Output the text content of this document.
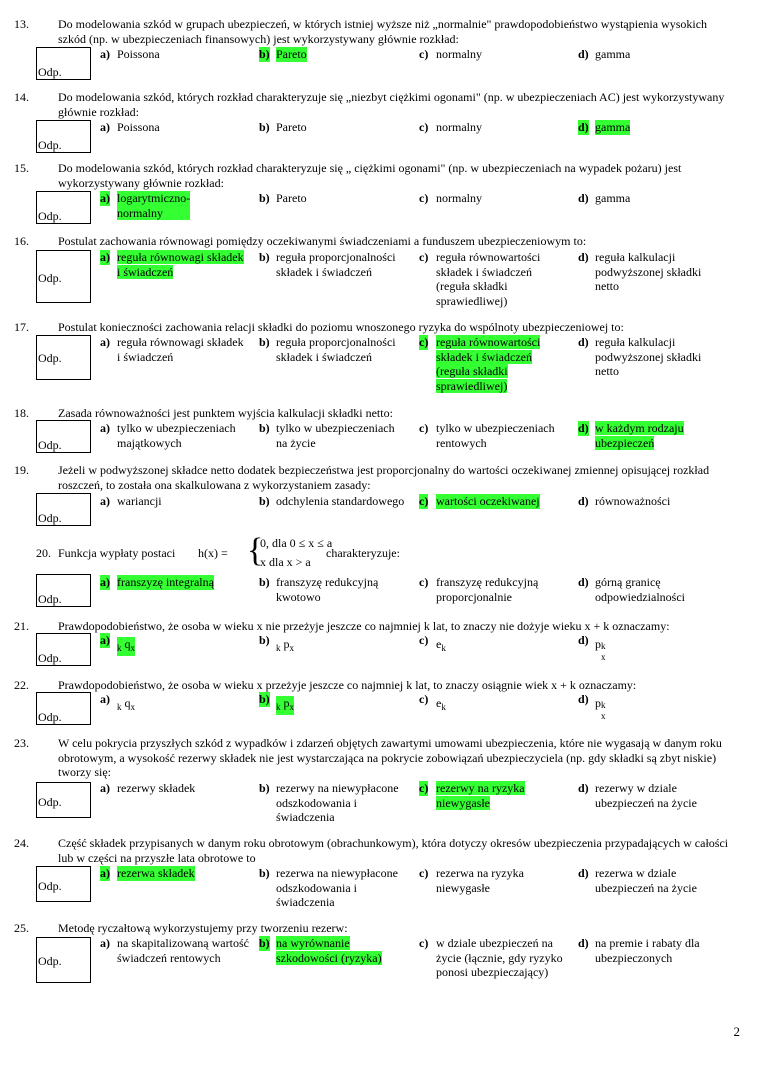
13. Do modelowania szkód w grupach ubezpieczeń, w których istniej wyższe niż „normalnie" prawdopodobieństwo wystąpienia wysokich szkód (np. w ubezpieczeniach finansowych) jest wykorzystywany głównie rozkład:
Odp.
a) Poissona	b) Pareto	c) normalny	d) gamma
14. Do modelowania szkód, których rozkład charakteryzuje się „niezbyt ciężkimi ogonami" (np. w ubezpieczeniach AC) jest wykorzystywany głównie rozkład:
Odp.
a) Poissona	b) Pareto	c) normalny	d) gamma
15. Do modelowania szkód, których rozkład charakteryzuje się „ ciężkimi ogonami" (np. w ubezpieczeniach na wypadek pożaru) jest wykorzystywany głównie rozkład:
Odp.
a) logarytmiczno-normalny
b) Pareto	c) normalny	d) gamma
16. Postulat zachowania równowagi pomiędzy oczekiwanymi świadczeniami a funduszem ubezpieczeniowym to:
Odp.
a) reguła równowagi składek
i świadczeń
b) reguła proporcjonalności
składek i świadczeń
c) reguła równowartości
składek i świadczeń
(reguła składki
sprawiedliwej)
d) reguła kalkulacji
podwyższonej składki
netto
17. Postulat konieczności zachowania relacji składki do poziomu wnoszonego ryzyka do wspólnoty ubezpieczeniowej to:
Odp.
a) reguła równowagi składek
i świadczeń
b) reguła proporcjonalności
składek i świadczeń
c) reguła równowartości
składek i świadczeń
(reguła składki
sprawiedliwej)
d) reguła kalkulacji
podwyższonej składki
netto
18. Zasada równoważności jest punktem wyjścia kalkulacji składki netto:
Odp.
a) tylko w ubezpieczeniach
majątkowych
b) tylko w ubezpieczeniach
na życie
c) tylko w ubezpieczeniach
rentowych
d) w każdym rodzaju
ubezpieczeń
19. Jeżeli w podwyższonej składce netto dodatek bezpieczeństwa jest proporcjonalny do wartości oczekiwanej zmiennej opisującej rozkład roszczeń, to została ona skalkulowana z wykorzystaniem zasady:
Odp.
a) wariancji	b) odchylenia standardowego c) wartości oczekiwanej	d) równoważności
20. Funkcja wypłaty postaci h(x) = {
0, dla 0 ≤ x ≤ a
x dla x > a
charakteryzuje:
Odp.
a) franszyzę integralną	b) franszyzę redukcyjną
kwotowo
c) franszyzę redukcyjną
proporcjonalnie
d) górną granicę
odpowiedzialności
21. Prawdopodobieństwo, że osoba w wieku x nie przeżyje jeszcze co najmniej k lat, to znaczy nie dożyje wieku x + k oznaczamy:
Odp.
a)
$_k$ $q_x$
b)
$_k$ $p_x$
c) $e_k$
d) p k
x
22. Prawdopodobieństwo, że osoba w wieku x przeżyje jeszcze co najmniej k lat, to znaczy osiągnie wiek x + k oznaczamy:
Odp.
a)
$_k$ $q_x$
b)
$_k$ $p_x$
c) $e_k$
d) p k
x
23. W celu pokrycia przyszłych szkód z wypadków i zdarzeń objętych zawartymi umowami ubezpieczenia, które nie wygasają w danym roku obrotowym, a wysokość rezerwy składek nie jest wystarczająca na pokrycie zobowiązań ubezpieczyciela (np. gdy składki są zbyt niskie) tworzy się:
Odp.
a) rezerwy składek	b) rezerwy na niewypłacone
odszkodowania i
świadczenia
c) rezerwy na ryzyka
niewygasłe
d) rezerwy w dziale
ubezpieczeń na życie
24. Część składek przypisanych w danym roku obrotowym (obrachunkowym), która dotyczy okresów ubezpieczenia przypadających w całości lub w części na przyszłe lata obrotowe to
Odp.
a) rezerwa składek	b) rezerwa na niewypłacone
odszkodowania i
świadczenia
c) rezerwa na ryzyka
niewygasłe
d) rezerwa w dziale
ubezpieczeń na życie
25. Metodę ryczałtową wykorzystujemy przy tworzeniu rezerw:
Odp.
a) na skapitalizowaną wartość
świadczeń rentowych
b) na wyrównanie
szkodowości (ryzyka)
c) w dziale ubezpieczeń na
życie (łącznie, gdy ryzyko
ponosi ubezpieczający)
d) na premie i rabaty dla
ubezpieczonych
2
